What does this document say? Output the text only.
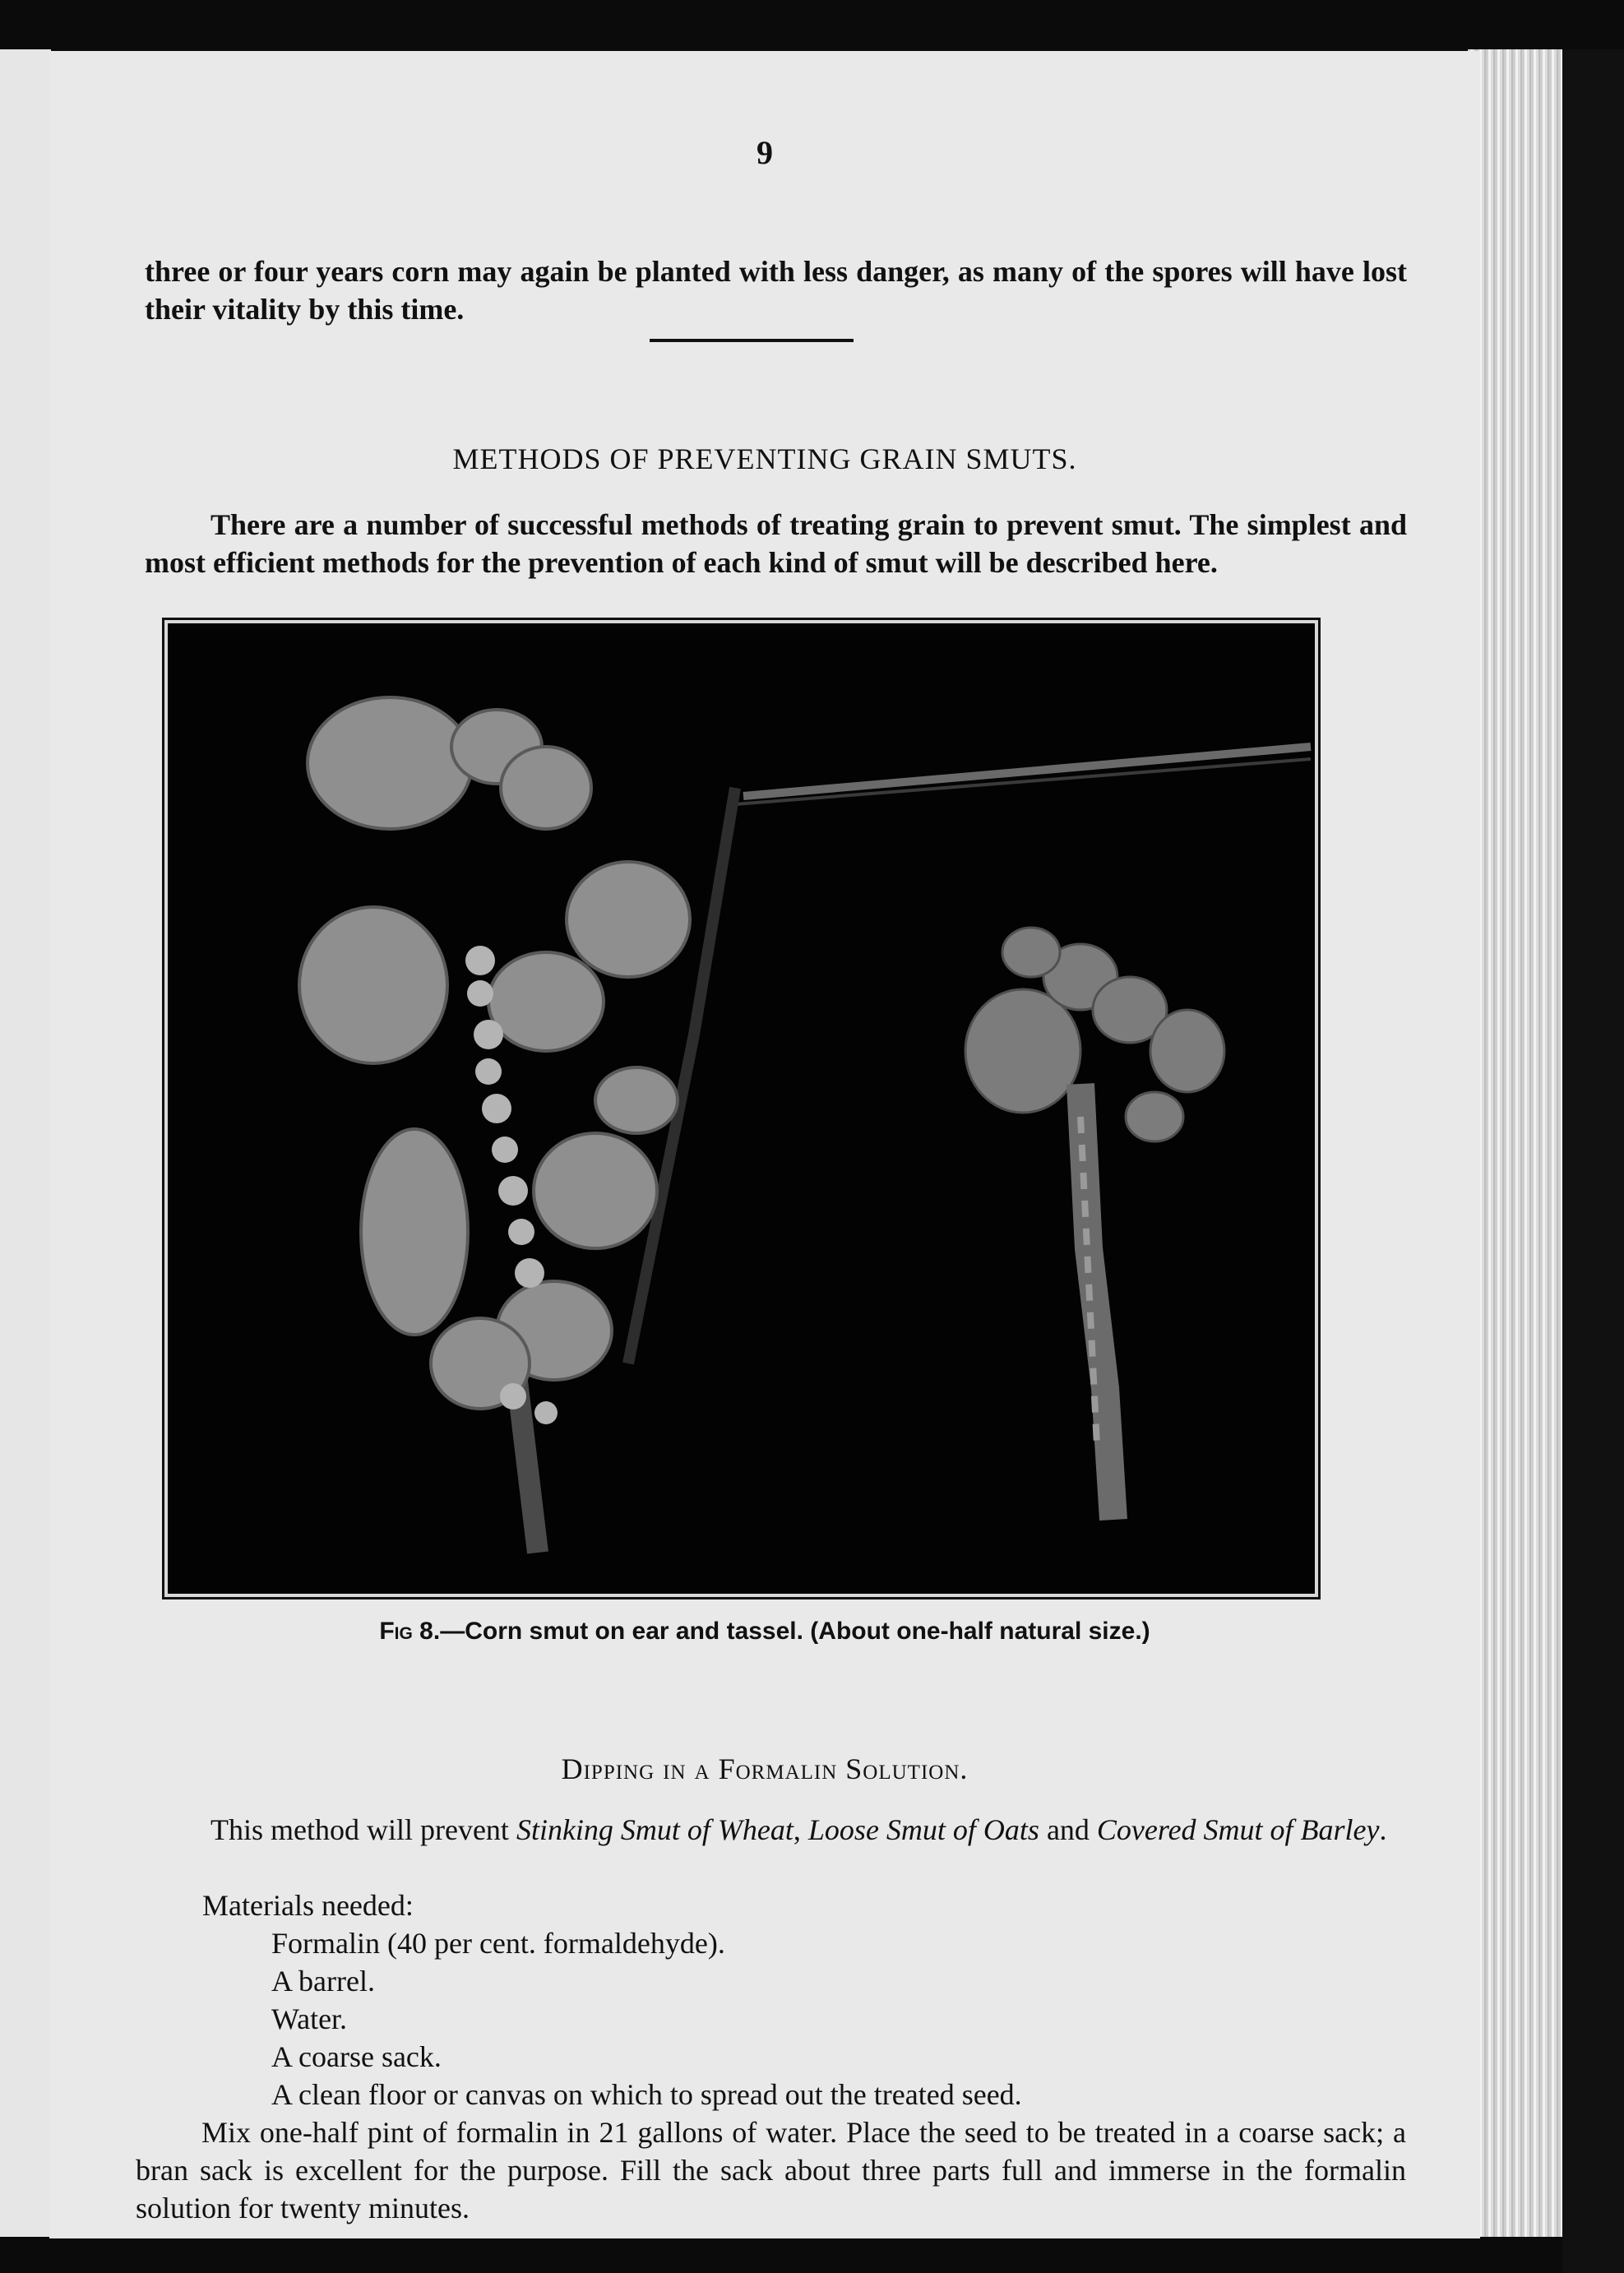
9
three or four years corn may again be planted with less danger, as many of the spores will have lost their vitality by this time.
METHODS OF PREVENTING GRAIN SMUTS.
There are a number of successful methods of treating grain to prevent smut. The simplest and most efficient methods for the prevention of each kind of smut will be described here.
Fig 8.—Corn smut on ear and tassel. (About one-half natural size.)
Dipping in a Formalin Solution.
This method will prevent Stinking Smut of Wheat, Loose Smut of Oats and Covered Smut of Barley.
Materials needed:
Formalin (40 per cent. formaldehyde).
A barrel.
Water.
A coarse sack.
A clean floor or canvas on which to spread out the treated seed.
Mix one-half pint of formalin in 21 gallons of water. Place the seed to be treated in a coarse sack; a bran sack is excellent for the purpose. Fill the sack about three parts full and immerse in the formalin solution for twenty minutes.
